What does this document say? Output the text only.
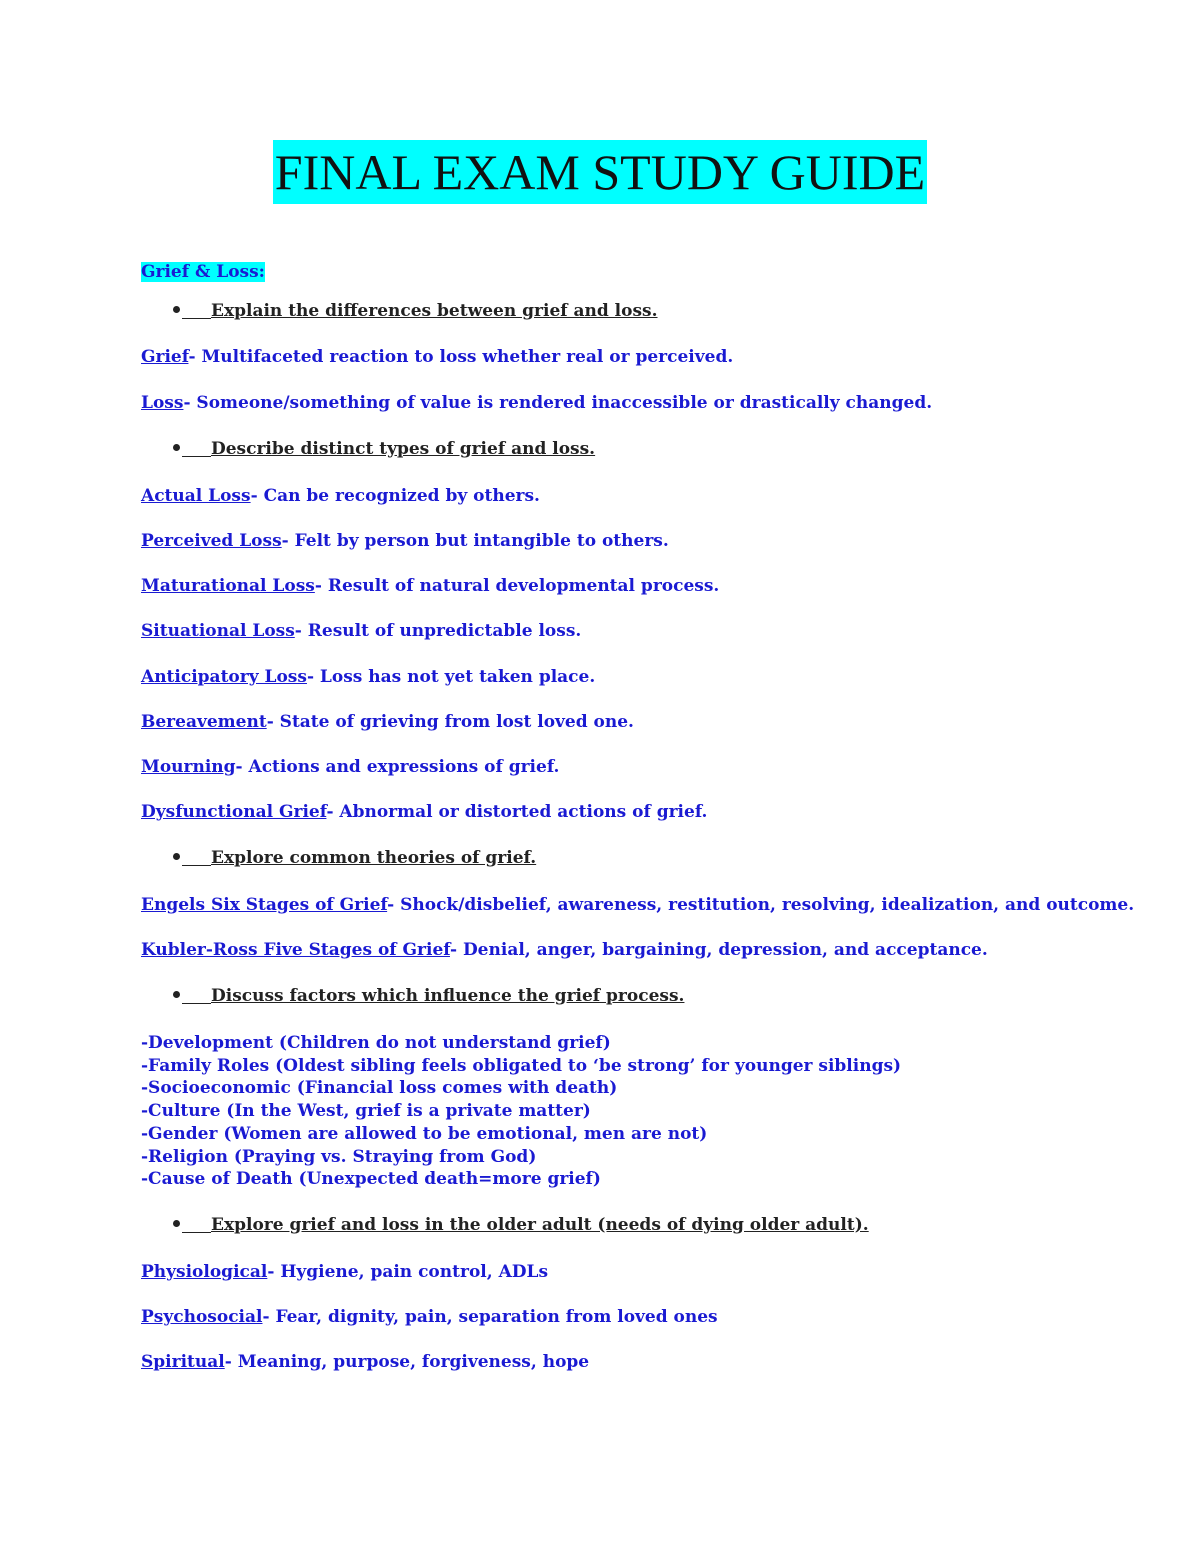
FINAL EXAM STUDY GUIDE
Grief & Loss:
Explain the differences between grief and loss.
Grief- Multifaceted reaction to loss whether real or perceived.
Loss- Someone/something of value is rendered inaccessible or drastically changed.
Describe distinct types of grief and loss.
Actual Loss- Can be recognized by others.
Perceived Loss- Felt by person but intangible to others.
Maturational Loss- Result of natural developmental process.
Situational Loss- Result of unpredictable loss.
Anticipatory Loss- Loss has not yet taken place.
Bereavement- State of grieving from lost loved one.
Mourning- Actions and expressions of grief.
Dysfunctional Grief- Abnormal or distorted actions of grief.
Explore common theories of grief.
Engels Six Stages of Grief- Shock/disbelief, awareness, restitution, resolving, idealization, and outcome.
Kubler-Ross Five Stages of Grief- Denial, anger, bargaining, depression, and acceptance.
Discuss factors which influence the grief process.
-Development (Children do not understand grief)
-Family Roles (Oldest sibling feels obligated to ‘be strong’ for younger siblings)
-Socioeconomic (Financial loss comes with death)
-Culture (In the West, grief is a private matter)
-Gender (Women are allowed to be emotional, men are not)
-Religion (Praying vs. Straying from God)
-Cause of Death (Unexpected death=more grief)
Explore grief and loss in the older adult (needs of dying older adult).
Physiological- Hygiene, pain control, ADLs
Psychosocial- Fear, dignity, pain, separation from loved ones
Spiritual- Meaning, purpose, forgiveness, hope
